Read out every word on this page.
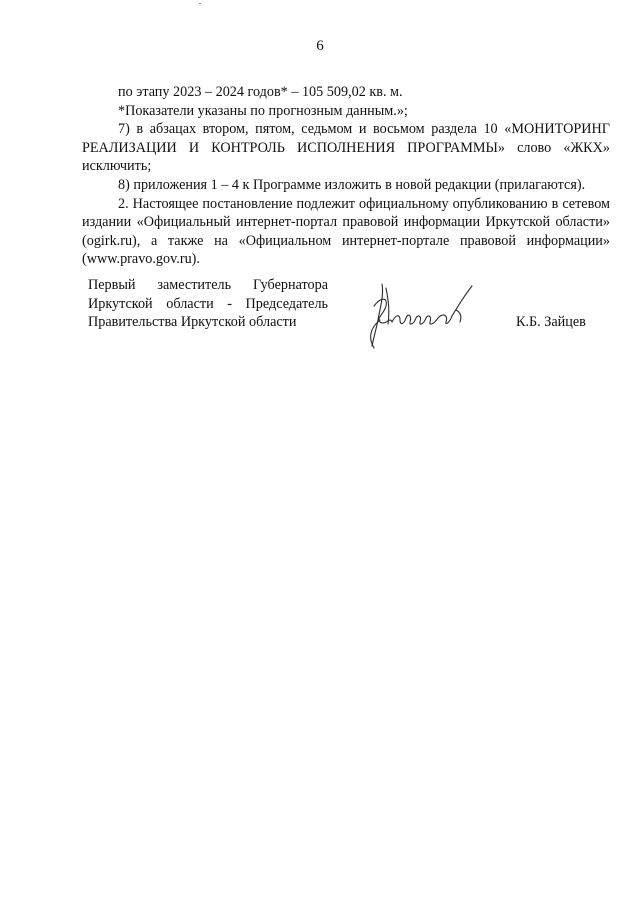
6

по этапу 2023 – 2024 годов* – 105 509,02 кв. м.

*Показатели указаны по прогнозным данным.»;

7) в абзацах втором, пятом, седьмом и восьмом раздела 10 «МОНИТОРИНГ РЕАЛИЗАЦИИ И КОНТРОЛЬ ИСПОЛНЕНИЯ ПРОГРАММЫ» слово «ЖКХ» исключить;

8) приложения 1 – 4 к Программе изложить в новой редакции (прилагаются).

2. Настоящее постановление подлежит официальному опубликованию в сетевом издании «Официальный интернет-портал правовой информации Иркутской области» (ogirk.ru), а также на «Официальном интернет-портале правовой информации» (www.pravo.gov.ru).

Первый заместитель Губернатора
Иркутской области - Председатель
Правительства Иркутской области	К.Б. Зайцев
